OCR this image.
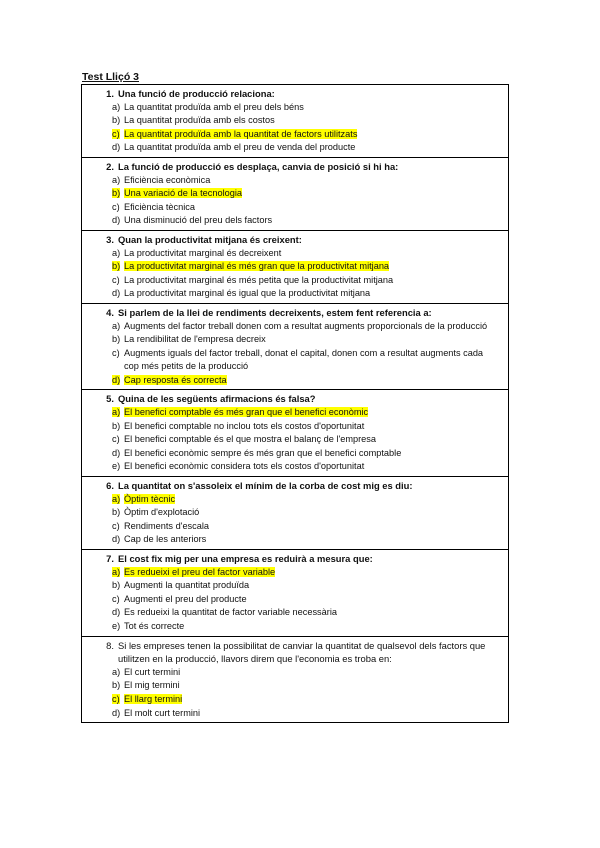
Test Lliçó 3
1. Una funció de producció relaciona:
a) La quantitat produïda amb el preu dels béns
b) La quantitat produïda amb els costos
c) La quantitat produïda amb la quantitat de factors utilitzats
d) La quantitat produïda amb el preu de venda del producte
2. La funció de producció es desplaça, canvia de posició si hi ha:
a) Eficiència econòmica
b) Una variació de la tecnologia
c) Eficiència tècnica
d) Una disminució del preu dels factors
3. Quan la productivitat mitjana és creixent:
a) La productivitat marginal és decreixent
b) La productivitat marginal és més gran que la productivitat mitjana
c) La productivitat marginal és més petita que la productivitat mitjana
d) La productivitat marginal és igual que la productivitat mitjana
4. Si parlem de la llei de rendiments decreixents, estem fent referencia a:
a) Augments del factor treball donen com a resultat augments proporcionals de la producció
b) La rendibilitat de l'empresa decreix
c) Augments iguals del factor treball, donat el capital, donen com a resultat augments cada cop més petits de la producció
d) Cap resposta és correcta
5. Quina de les següents afirmacions és falsa?
a) El benefici comptable és més gran que el benefici econòmic
b) El benefici comptable no inclou tots els costos d'oportunitat
c) El benefici comptable és el que mostra el balanç de l'empresa
d) El benefici econòmic sempre és més gran que el benefici comptable
e) El benefici econòmic considera tots els costos d'oportunitat
6. La quantitat on s'assoleix el mínim de la corba de cost mig es diu:
a) Òptim tècnic
b) Òptim d'explotació
c) Rendiments d'escala
d) Cap de les anteriors
7. El cost fix mig per una empresa es reduirà a mesura que:
a) Es redueixi el preu del factor variable
b) Augmenti la quantitat produïda
c) Augmenti el preu del producte
d) Es redueixi la quantitat de factor variable necessària
e) Tot és correcte
8. Si les empreses tenen la possibilitat de canviar la quantitat de qualsevol dels factors que utilitzen en la producció, llavors direm que l'economia es troba en:
a) El curt termini
b) El mig termini
c) El llarg termini
d) El molt curt termini
